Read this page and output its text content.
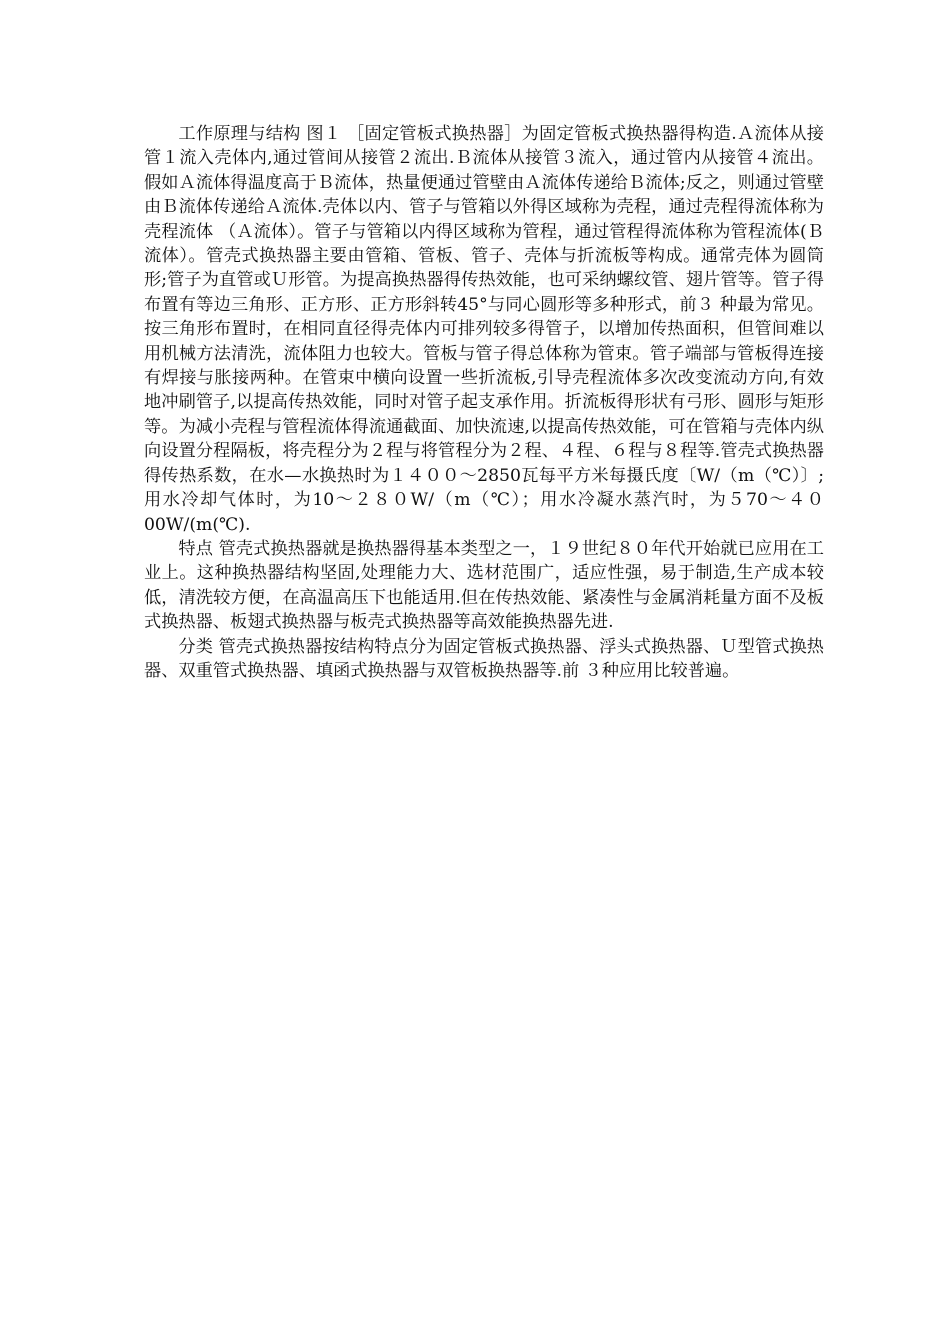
工作原理与结构 图１ ［固定管板式换热器］为固定管板式换热器得构造.Ａ流体从接管１流入壳体内,通过管间从接管２流出.Ｂ流体从接管３流入，通过管内从接管４流出。假如Ａ流体得温度高于Ｂ流体，热量便通过管壁由Ａ流体传递给Ｂ流体;反之，则通过管壁由Ｂ流体传递给Ａ流体.壳体以内、管子与管箱以外得区域称为壳程，通过壳程得流体称为壳程流体 （Ａ流体）。管子与管箱以内得区域称为管程，通过管程得流体称为管程流体(Ｂ流体）。管壳式换热器主要由管箱、管板、管子、壳体与折流板等构成。通常壳体为圆筒形;管子为直管或Ｕ形管。为提高换热器得传热效能，也可采纳螺纹管、翅片管等。管子得布置有等边三角形、正方形、正方形斜转45°与同心圆形等多种形式，前３ 种最为常见。按三角形布置时，在相同直径得壳体内可排列较多得管子，以增加传热面积，但管间难以用机械方法清洗，流体阻力也较大。管板与管子得总体称为管束。管子端部与管板得连接有焊接与胀接两种。在管束中横向设置一些折流板,引导壳程流体多次改变流动方向,有效地冲刷管子,以提高传热效能，同时对管子起支承作用。折流板得形状有弓形、圆形与矩形等。为减小壳程与管程流体得流通截面、加快流速,以提高传热效能，可在管箱与壳体内纵向设置分程隔板，将壳程分为２程与将管程分为２程、４程、６程与８程等.管壳式换热器得传热系数，在水—水换热时为１４００～2850瓦每平方米每摄氏度〔W/（m（℃）〕;用水冷却气体时，为10～２８０W/（m（℃）；用水冷凝水蒸汽时，为５70～４０00W/(m(℃).

特点 管壳式换热器就是换热器得基本类型之一，１９世纪８０年代开始就已应用在工业上。这种换热器结构坚固,处理能力大、选材范围广，适应性强，易于制造,生产成本较低，清洗较方便，在高温高压下也能适用.但在传热效能、紧凑性与金属消耗量方面不及板式换热器、板翅式换热器与板壳式换热器等高效能换热器先进.

分类 管壳式换热器按结构特点分为固定管板式换热器、浮头式换热器、Ｕ型管式换热器、双重管式换热器、填函式换热器与双管板换热器等.前 ３种应用比较普遍。
